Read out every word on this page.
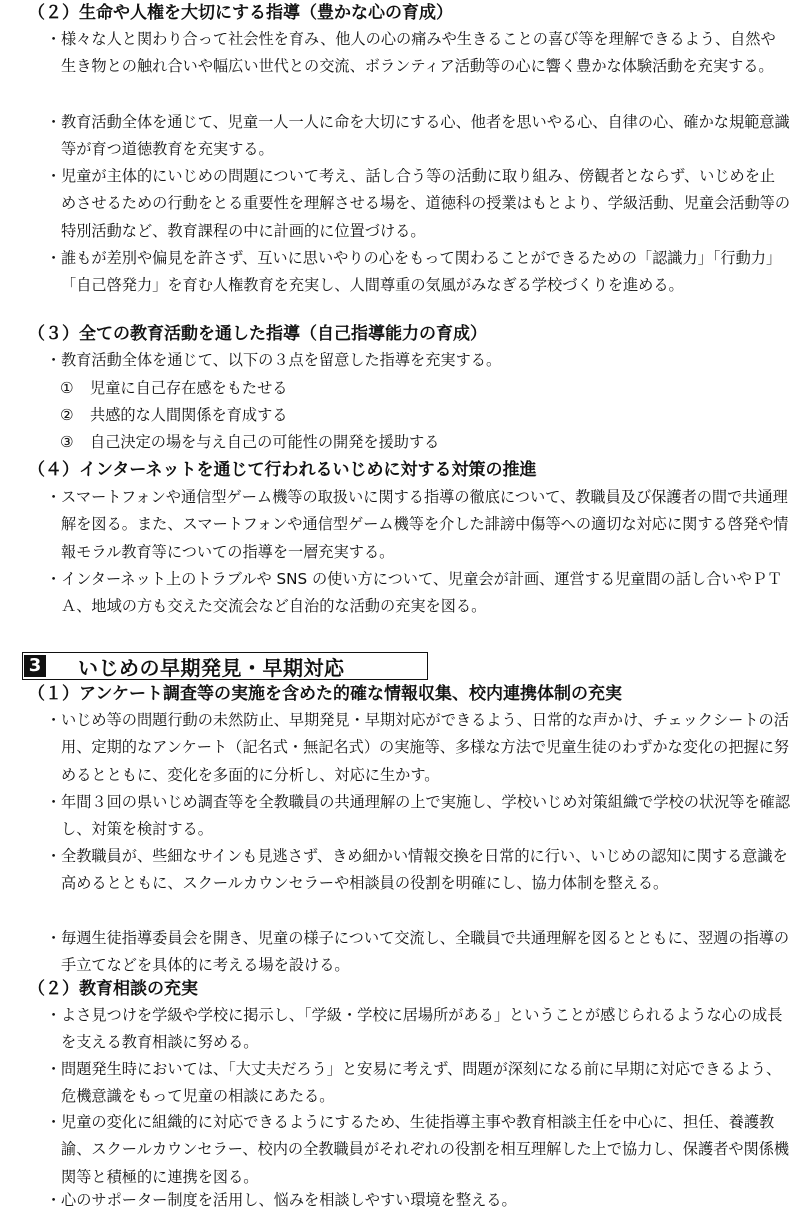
（２）生命や人権を大切にする指導（豊かな心の育成）
・ 様々な人と関わり合って社会性を育み、他人の心の痛みや生きることの喜び等を理解できるよう、自然や生き物との触れ合いや幅広い世代との交流、ボランティア活動等の心に響く豊かな体験活動を充実する。
・ 教育活動全体を通じて、児童一人一人に命を大切にする心、他者を思いやる心、自律の心、確かな規範意識等が育つ道徳教育を充実する。
・ 児童が主体的にいじめの問題について考え、話し合う等の活動に取り組み、傍観者とならず、いじめを止めさせるための行動をとる重要性を理解させる場を、道徳科の授業はもとより、学級活動、児童会活動等の特別活動など、教育課程の中に計画的に位置づける。
・ 誰もが差別や偏見を許さず、互いに思いやりの心をもって関わることができるための「認識力」「行動力」「自己啓発力」を育む人権教育を充実し、人間尊重の気風がみなぎる学校づくりを進める。
（３）全ての教育活動を通した指導（自己指導能力の育成）
・ 教育活動全体を通じて、以下の３点を留意した指導を充実する。
① 児童に自己存在感をもたせる
② 共感的な人間関係を育成する
③ 自己決定の場を与え自己の可能性の開発を援助する
（４）インターネットを通じて行われるいじめに対する対策の推進
・ スマートフォンや通信型ゲーム機等の取扱いに関する指導の徹底について、教職員及び保護者の間で共通理解を図る。また、スマートフォンや通信型ゲーム機等を介した誹謗中傷等への適切な対応に関する啓発や情報モラル教育等についての指導を一層充実する。
・ インターネット上のトラブルや SNS の使い方について、児童会が計画、運営する児童間の話し合いやＰＴＡ、地域の方も交えた交流会など自治的な活動の充実を図る。
3 いじめの早期発見・早期対応
（１）アンケート調査等の実施を含めた的確な情報収集、校内連携体制の充実
・ いじめ等の問題行動の未然防止、早期発見・早期対応ができるよう、日常的な声かけ、チェックシートの活用、定期的なアンケート（記名式・無記名式）の実施等、多様な方法で児童生徒のわずかな変化の把握に努めるとともに、変化を多面的に分析し、対応に生かす。
・ 年間３回の県いじめ調査等を全教職員の共通理解の上で実施し、学校いじめ対策組織で学校の状況等を確認し、対策を検討する。
・ 全教職員が、些細なサインも見逃さず、きめ細かい情報交換を日常的に行い、いじめの認知に関する意識を高めるとともに、スクールカウンセラーや相談員の役割を明確にし、協力体制を整える。
・ 毎週生徒指導委員会を開き、児童の様子について交流し、全職員で共通理解を図るとともに、翌週の指導の手立てなどを具体的に考える場を設ける。
（２）教育相談の充実
・ よさ見つけを学級や学校に掲示し、「学級・学校に居場所がある」ということが感じられるような心の成長を支える教育相談に努める。
・ 問題発生時においては、「大丈夫だろう」と安易に考えず、問題が深刻になる前に早期に対応できるよう、危機意識をもって児童の相談にあたる。
・ 児童の変化に組織的に対応できるようにするため、生徒指導主事や教育相談主任を中心に、担任、養護教諭、スクールカウンセラー、校内の全教職員がそれぞれの役割を相互理解した上で協力し、保護者や関係機関等と積極的に連携を図る。
・ 心のサポーター制度を活用し、悩みを相談しやすい環境を整える。
